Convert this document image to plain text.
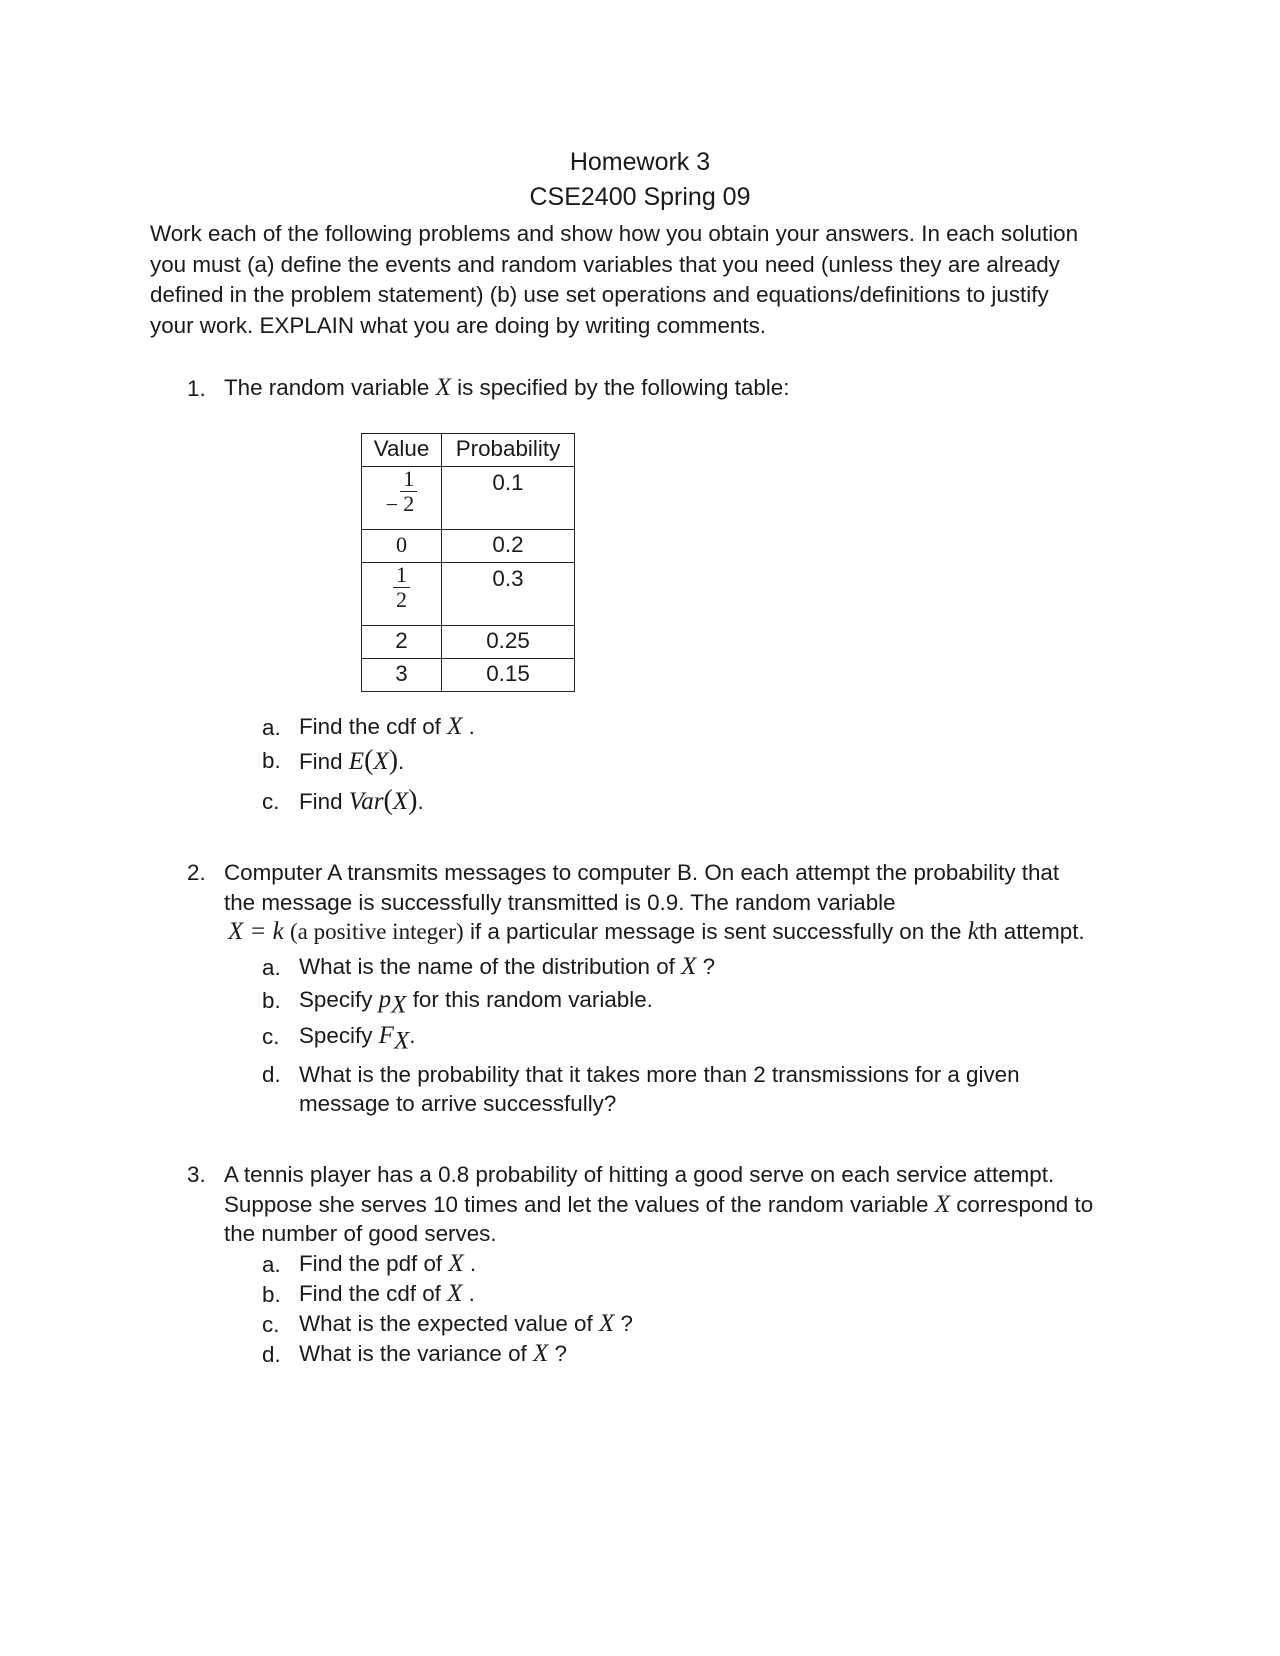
Homework 3
CSE2400 Spring 09
Work each of the following problems and show how you obtain your answers. In each solution
you must (a) define the events and random variables that you need (unless they are already
defined in the problem statement) (b) use set operations and equations/definitions to justify
your work. EXPLAIN what you are doing by writing comments.
1. The random variable X is specified by the following table:
Value	Probability
− $\frac{1}{2}$	0.1
0	0.2

$\frac{1}{2}$	0.3
2	0.25
3	0.15
a. Find the cdf of X .
b. Find E(X).
c. Find Var(X).
2. Computer A transmits messages to computer B. On each attempt the probability that
the message is successfully transmitted is 0.9. The random variable
X = k (a positive integer) if a particular message is sent successfully on the kth attempt.
a. What is the name of the distribution of X ?
b. Specify $p_X$ for this random variable.
c. Specify $F_X$.
d. What is the probability that it takes more than 2 transmissions for a given
message to arrive successfully?
3. A tennis player has a 0.8 probability of hitting a good serve on each service attempt.
Suppose she serves 10 times and let the values of the random variable X correspond to
the number of good serves.
a. Find the pdf of X .
b. Find the cdf of X .
c. What is the expected value of X ?
d. What is the variance of X ?
